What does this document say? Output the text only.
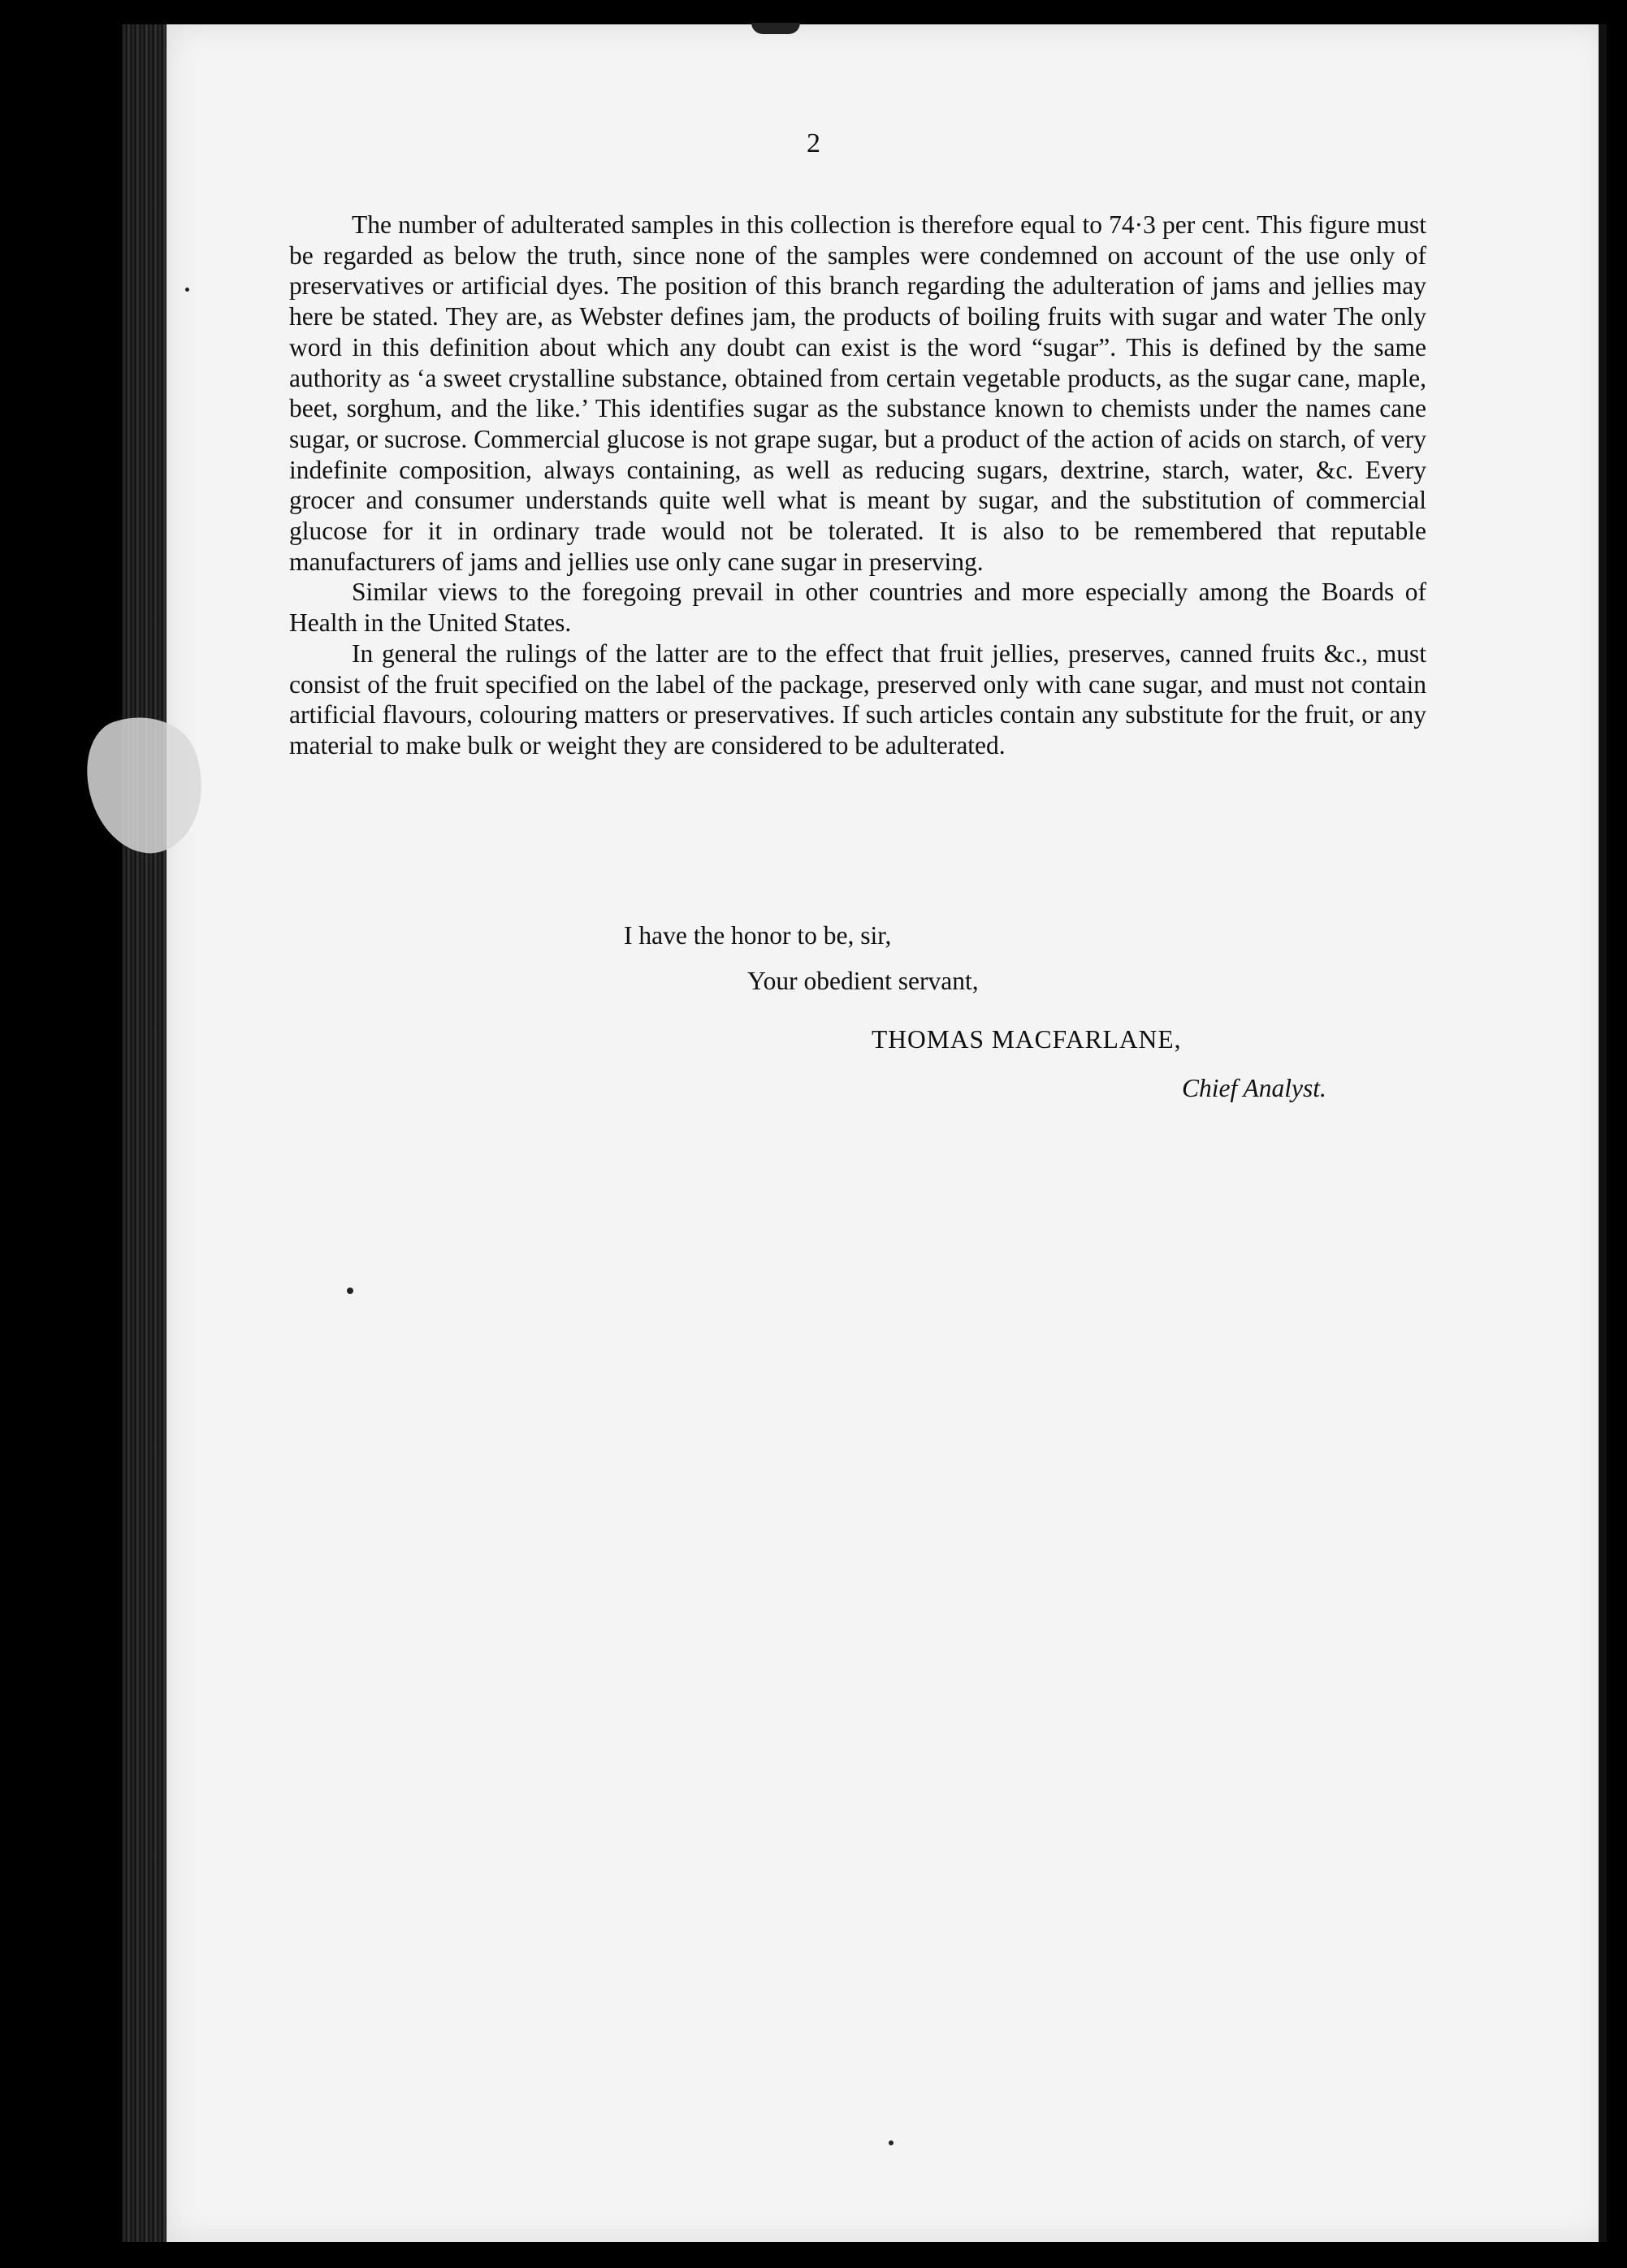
2

The number of adulterated samples in this collection is therefore equal to 74·3 per cent. This figure must be regarded as below the truth, since none of the samples were condemned on account of the use only of preservatives or artificial dyes. The position of this branch regarding the adulteration of jams and jellies may here be stated. They are, as Webster defines jam, the products of boiling fruits with sugar and water The only word in this definition about which any doubt can exist is the word “sugar”. This is defined by the same authority as ‘a sweet crystalline substance, obtained from certain vegetable products, as the sugar cane, maple, beet, sorghum, and the like.’ This identifies sugar as the substance known to chemists under the names cane sugar, or sucrose. Commercial glucose is not grape sugar, but a product of the action of acids on starch, of very indefinite composition, always containing, as well as reducing sugars, dextrine, starch, water, &c. Every grocer and consumer understands quite well what is meant by sugar, and the substitution of commercial glucose for it in ordinary trade would not be tolerated. It is also to be remembered that reputable manufacturers of jams and jellies use only cane sugar in preserving.

Similar views to the foregoing prevail in other countries and more especially among the Boards of Health in the United States.

In general the rulings of the latter are to the effect that fruit jellies, preserves, canned fruits &c., must consist of the fruit specified on the label of the package, preserved only with cane sugar, and must not contain artificial flavours, colouring matters or preservatives. If such articles contain any substitute for the fruit, or any material to make bulk or weight they are considered to be adulterated.

I have the honor to be, sir,
Your obedient servant,
THOMAS MACFARLANE,
Chief Analyst.
